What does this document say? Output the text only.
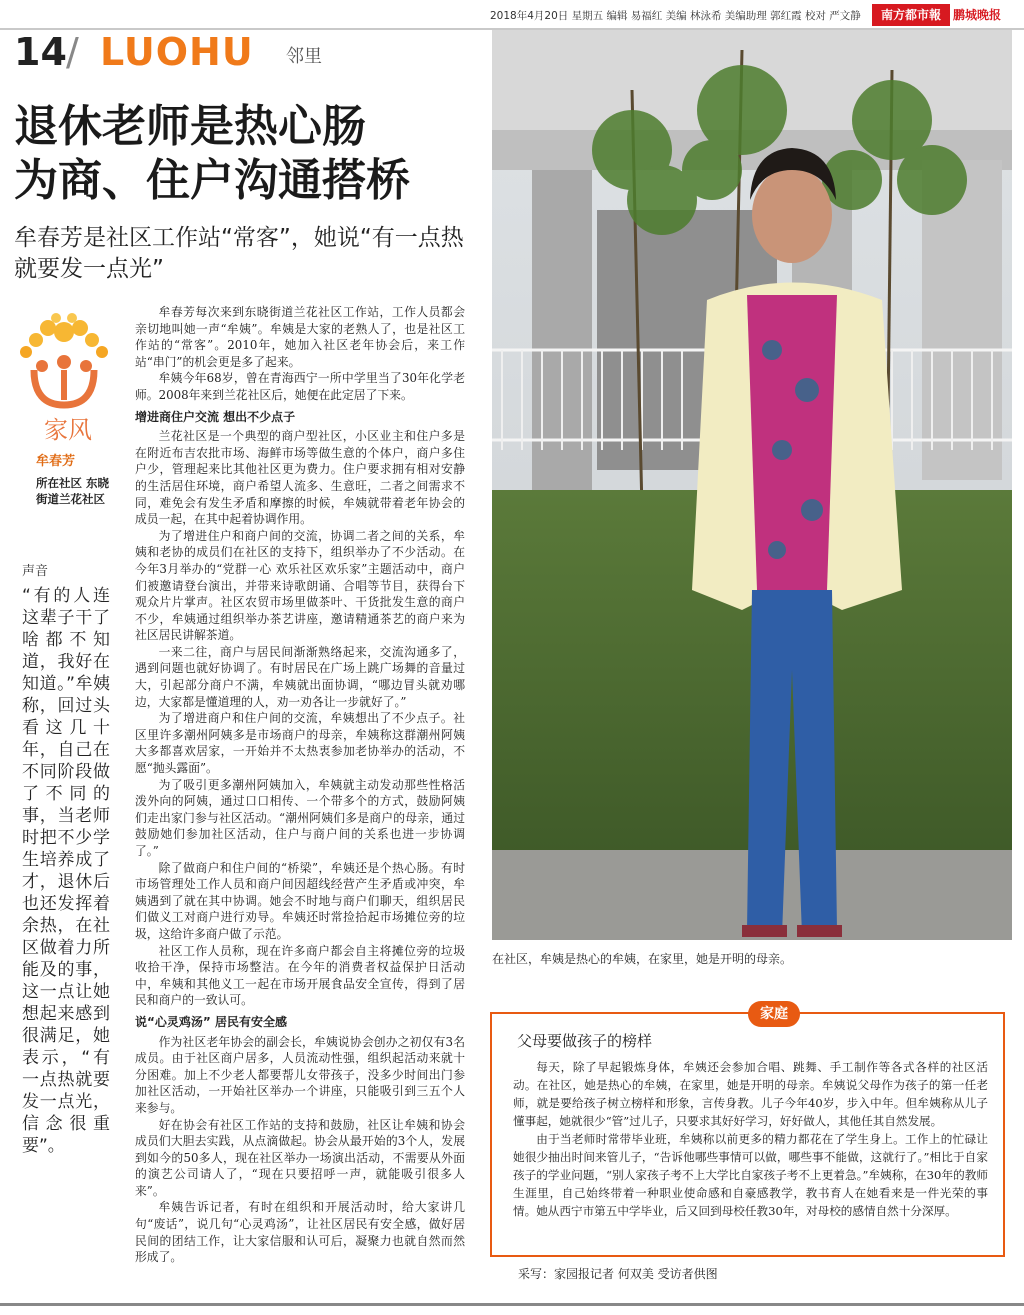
2018年4月20日 星期五 编辑 易福红 美编 林泳希 美编助理 郭红霞 校对 严文静	南方都市報	鹏城晚报
14 / LUOHU 邻里
退休老师是热心肠
为商、住户沟通搭桥
牟春芳是社区工作站“常客”，她说“有一点热就要发一点光”
家风
牟春芳
所在社区 东晓街道兰花社区
声音
“有的人连这辈子干了啥都不知道，我好在知道。”牟姨称，回过头看这几十年，自己在不同阶段做了不同的事，当老师时把不少学生培养成了才，退休后也还发挥着余热，在社区做着力所能及的事，这一点让她想起来感到很满足，她表示，“有一点热就要发一点光，信念很重要”。

牟春芳每次来到东晓街道兰花社区工作站，工作人员都会亲切地叫她一声“牟姨”。牟姨是大家的老熟人了，也是社区工作站的“常客”。2010年，她加入社区老年协会后，来工作站“串门”的机会更是多了起来。

牟姨今年68岁，曾在青海西宁一所中学里当了30年化学老师。2008年来到兰花社区后，她便在此定居了下来。

增进商住户交流 想出不少点子

兰花社区是一个典型的商户型社区，小区业主和住户多是在附近布吉农批市场、海鲜市场等做生意的个体户，商户多住户少，管理起来比其他社区更为费力。住户要求拥有相对安静的生活居住环境，商户希望人流多、生意旺，二者之间需求不同，难免会有发生矛盾和摩擦的时候，牟姨就带着老年协会的成员一起，在其中起着协调作用。

为了增进住户和商户间的交流，协调二者之间的关系，牟姨和老协的成员们在社区的支持下，组织举办了不少活动。在今年3月举办的“党群一心 欢乐社区欢乐家”主题活动中，商户们被邀请登台演出，并带来诗歌朗诵、合唱等节目，获得台下观众片片掌声。社区农贸市场里做茶叶、干货批发生意的商户不少，牟姨通过组织举办茶艺讲座，邀请精通茶艺的商户来为社区居民讲解茶道。

一来二往，商户与居民间渐渐熟络起来，交流沟通多了，遇到问题也就好协调了。有时居民在广场上跳广场舞的音量过大，引起部分商户不满，牟姨就出面协调，“哪边冒头就劝哪边，大家都是懂道理的人，劝一劝各让一步就好了。”

为了增进商户和住户间的交流，牟姨想出了不少点子。社区里许多潮州阿姨多是市场商户的母亲，牟姨称这群潮州阿姨大多都喜欢居家，一开始并不太热衷参加老协举办的活动，不愿“抛头露面”。

为了吸引更多潮州阿姨加入，牟姨就主动发动那些性格活泼外向的阿姨，通过口口相传、一个带多个的方式，鼓励阿姨们走出家门参与社区活动。“潮州阿姨们多是商户的母亲，通过鼓励她们参加社区活动，住户与商户间的关系也进一步协调了。”

除了做商户和住户间的“桥梁”，牟姨还是个热心肠。有时市场管理处工作人员和商户间因超线经营产生矛盾或冲突，牟姨遇到了就在其中协调。她会不时地与商户们聊天，组织居民们做义工对商户进行劝导。牟姨还时常捡拾起市场摊位旁的垃圾，这给许多商户做了示范。

社区工作人员称，现在许多商户都会自主将摊位旁的垃圾收拾干净，保持市场整洁。在今年的消费者权益保护日活动中，牟姨和其他义工一起在市场开展食品安全宣传，得到了居民和商户的一致认可。

说“心灵鸡汤” 居民有安全感

作为社区老年协会的副会长，牟姨说协会创办之初仅有3名成员。由于社区商户居多，人员流动性强，组织起活动来就十分困难。加上不少老人都要帮儿女带孩子，没多少时间出门参加社区活动，一开始社区举办一个讲座，只能吸引到三五个人来参与。

好在协会有社区工作站的支持和鼓励，社区让牟姨和协会成员们大胆去实践，从点滴做起。协会从最开始的3个人，发展到如今的50多人，现在社区举办一场演出活动，不需要从外面的演艺公司请人了，“现在只要招呼一声，就能吸引很多人来”。

牟姨告诉记者，有时在组织和开展活动时，给大家讲几句“废话”，说几句“心灵鸡汤”，让社区居民有安全感，做好居民间的团结工作，让大家信服和认可后，凝聚力也就自然而然形成了。

在社区，牟姨是热心的牟姨，在家里，她是开明的母亲。
家庭
父母要做孩子的榜样

每天，除了早起锻炼身体，牟姨还会参加合唱、跳舞、手工制作等各式各样的社区活动。在社区，她是热心的牟姨，在家里，她是开明的母亲。牟姨说父母作为孩子的第一任老师，就是要给孩子树立榜样和形象，言传身教。儿子今年40岁，步入中年。但牟姨称从儿子懂事起，她就很少“管”过儿子，只要求其好好学习，好好做人，其他任其自然发展。

由于当老师时常带毕业班，牟姨称以前更多的精力都花在了学生身上。工作上的忙碌让她很少抽出时间来管儿子，“告诉他哪些事情可以做，哪些事不能做，这就行了。”相比于自家孩子的学业问题，“别人家孩子考不上大学比自家孩子考不上更着急。”牟姨称，在30年的教师生涯里，自己始终带着一种职业使命感和自豪感教学，教书育人在她看来是一件光荣的事情。她从西宁市第五中学毕业，后又回到母校任教30年，对母校的感情自然十分深厚。

采写：家园报记者 何双美 受访者供图
